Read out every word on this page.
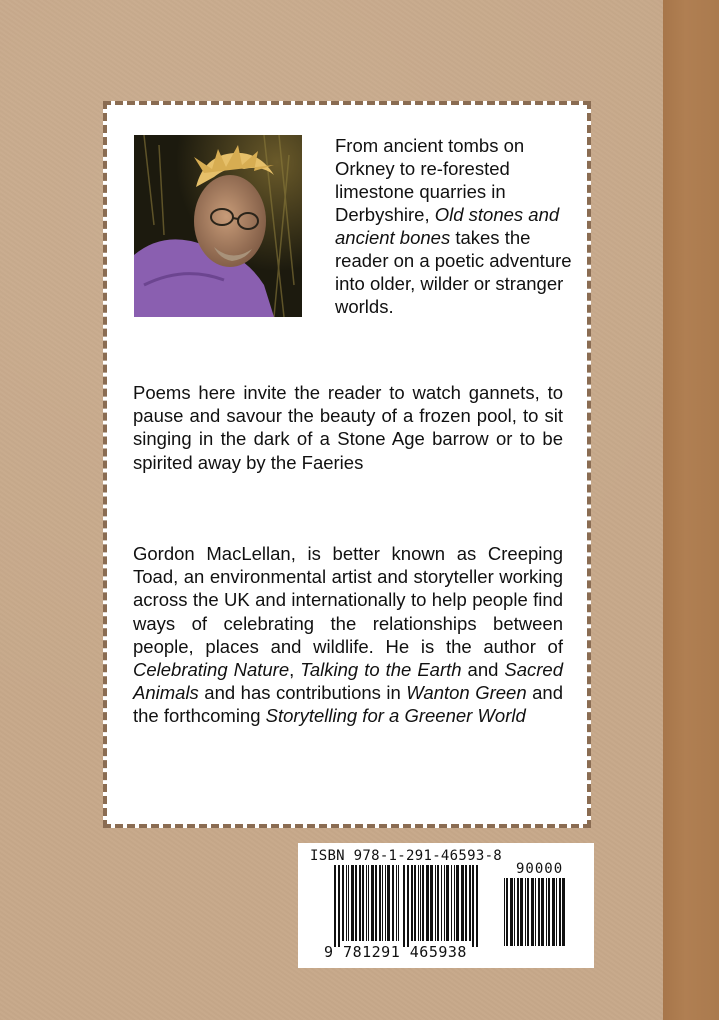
From ancient tombs on Orkney to re-forested limestone quarries in Derbyshire, Old stones and ancient bones takes the reader on a poetic adventure into older, wilder or stranger worlds.
Poems here invite the reader to watch gannets, to pause and savour the beauty of a frozen pool, to sit singing in the dark of a Stone Age barrow or to be spirited away by the Faeries
Gordon MacLellan, is better known as Creeping Toad, an environmental artist and storyteller working across the UK and internationally to help people find ways of celebrating the relationships between people, places and wildlife. He is the author of Celebrating Nature, Talking to the Earth and Sacred Animals and has contributions in Wanton Green and the forthcoming Storytelling for a Greener World
ISBN 978-1-291-46593-8
90000
9 781291 465938
